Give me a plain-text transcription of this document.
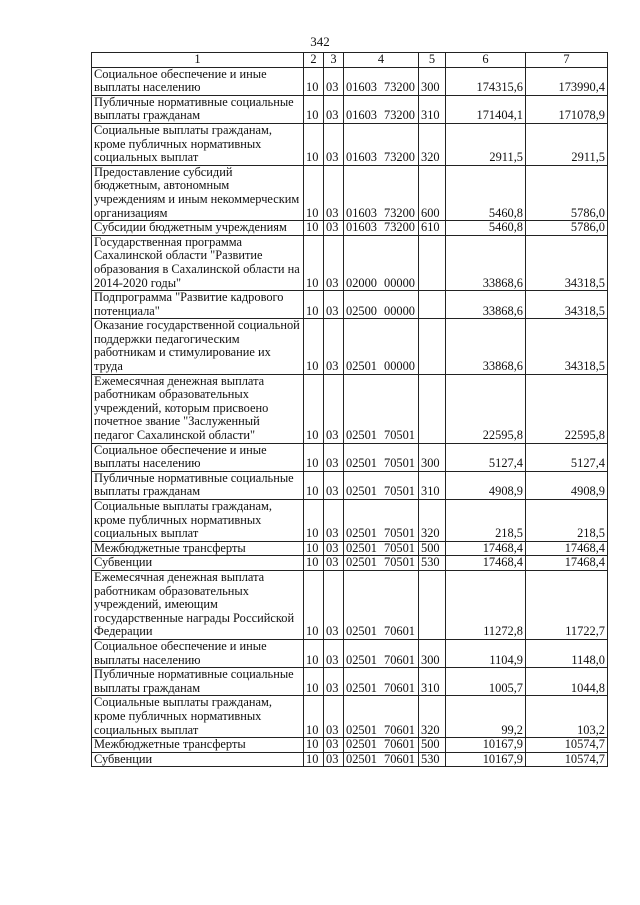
342
1	2	3	4	5	6	7
Социальное обеспечение и иные выплаты населению	10	03	01603 73200	300	174315,6	173990,4
Публичные нормативные социальные выплаты гражданам	10	03	01603 73200	310	171404,1	171078,9
Социальные выплаты гражданам, кроме публичных нормативных социальных выплат	10	03	01603 73200	320	2911,5	2911,5
Предоставление субсидий бюджетным, автономным учреждениям и иным некоммерческим организациям	10	03	01603 73200	600	5460,8	5786,0
Субсидии бюджетным учреждениям	10	03	01603 73200	610	5460,8	5786,0
Государственная программа Сахалинской области "Развитие образования в Сахалинской области на 2014-2020 годы"	10	03	02000 00000		33868,6	34318,5
Подпрограмма "Развитие кадрового потенциала"	10	03	02500 00000		33868,6	34318,5
Оказание государственной социальной поддержки педагогическим работникам и стимулирование их труда	10	03	02501 00000		33868,6	34318,5
Ежемесячная денежная выплата работникам образовательных учреждений, которым присвоено почетное звание "Заслуженный педагог Сахалинской области"	10	03	02501 70501		22595,8	22595,8
Социальное обеспечение и иные выплаты населению	10	03	02501 70501	300	5127,4	5127,4
Публичные нормативные социальные выплаты гражданам	10	03	02501 70501	310	4908,9	4908,9
Социальные выплаты гражданам, кроме публичных нормативных социальных выплат	10	03	02501 70501	320	218,5	218,5
Межбюджетные трансферты	10	03	02501 70501	500	17468,4	17468,4
Субвенции	10	03	02501 70501	530	17468,4	17468,4
Ежемесячная денежная выплата работникам образовательных учреждений, имеющим государственные награды Российской Федерации	10	03	02501 70601		11272,8	11722,7
Социальное обеспечение и иные выплаты населению	10	03	02501 70601	300	1104,9	1148,0
Публичные нормативные социальные выплаты гражданам	10	03	02501 70601	310	1005,7	1044,8
Социальные выплаты гражданам, кроме публичных нормативных социальных выплат	10	03	02501 70601	320	99,2	103,2
Межбюджетные трансферты	10	03	02501 70601	500	10167,9	10574,7
Субвенции	10	03	02501 70601	530	10167,9	10574,7
